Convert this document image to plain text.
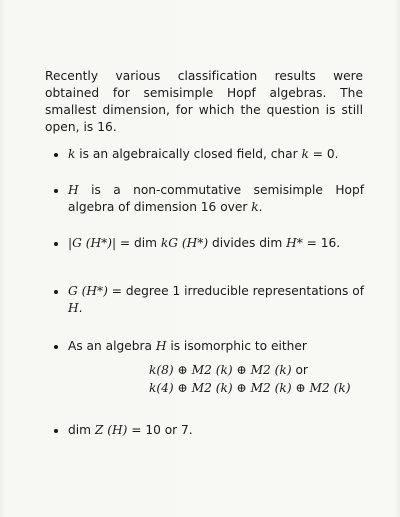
Recently various classification results were obtained for semisimple Hopf algebras. The smallest dimension, for which the question is still open, is 16.
k is an algebraically closed field, char k = 0.
H is a non-commutative semisimple Hopf algebra of dimension 16 over k.
|G (H*)| = dim kG (H*) divides dim H* = 16.
G (H*) = degree 1 irreducible representations of H.
As an algebra H is isomorphic to either
k(8) ⊕ M2 (k) ⊕ M2 (k) or
k(4) ⊕ M2 (k) ⊕ M2 (k) ⊕ M2 (k)
dim Z (H) = 10 or 7.
